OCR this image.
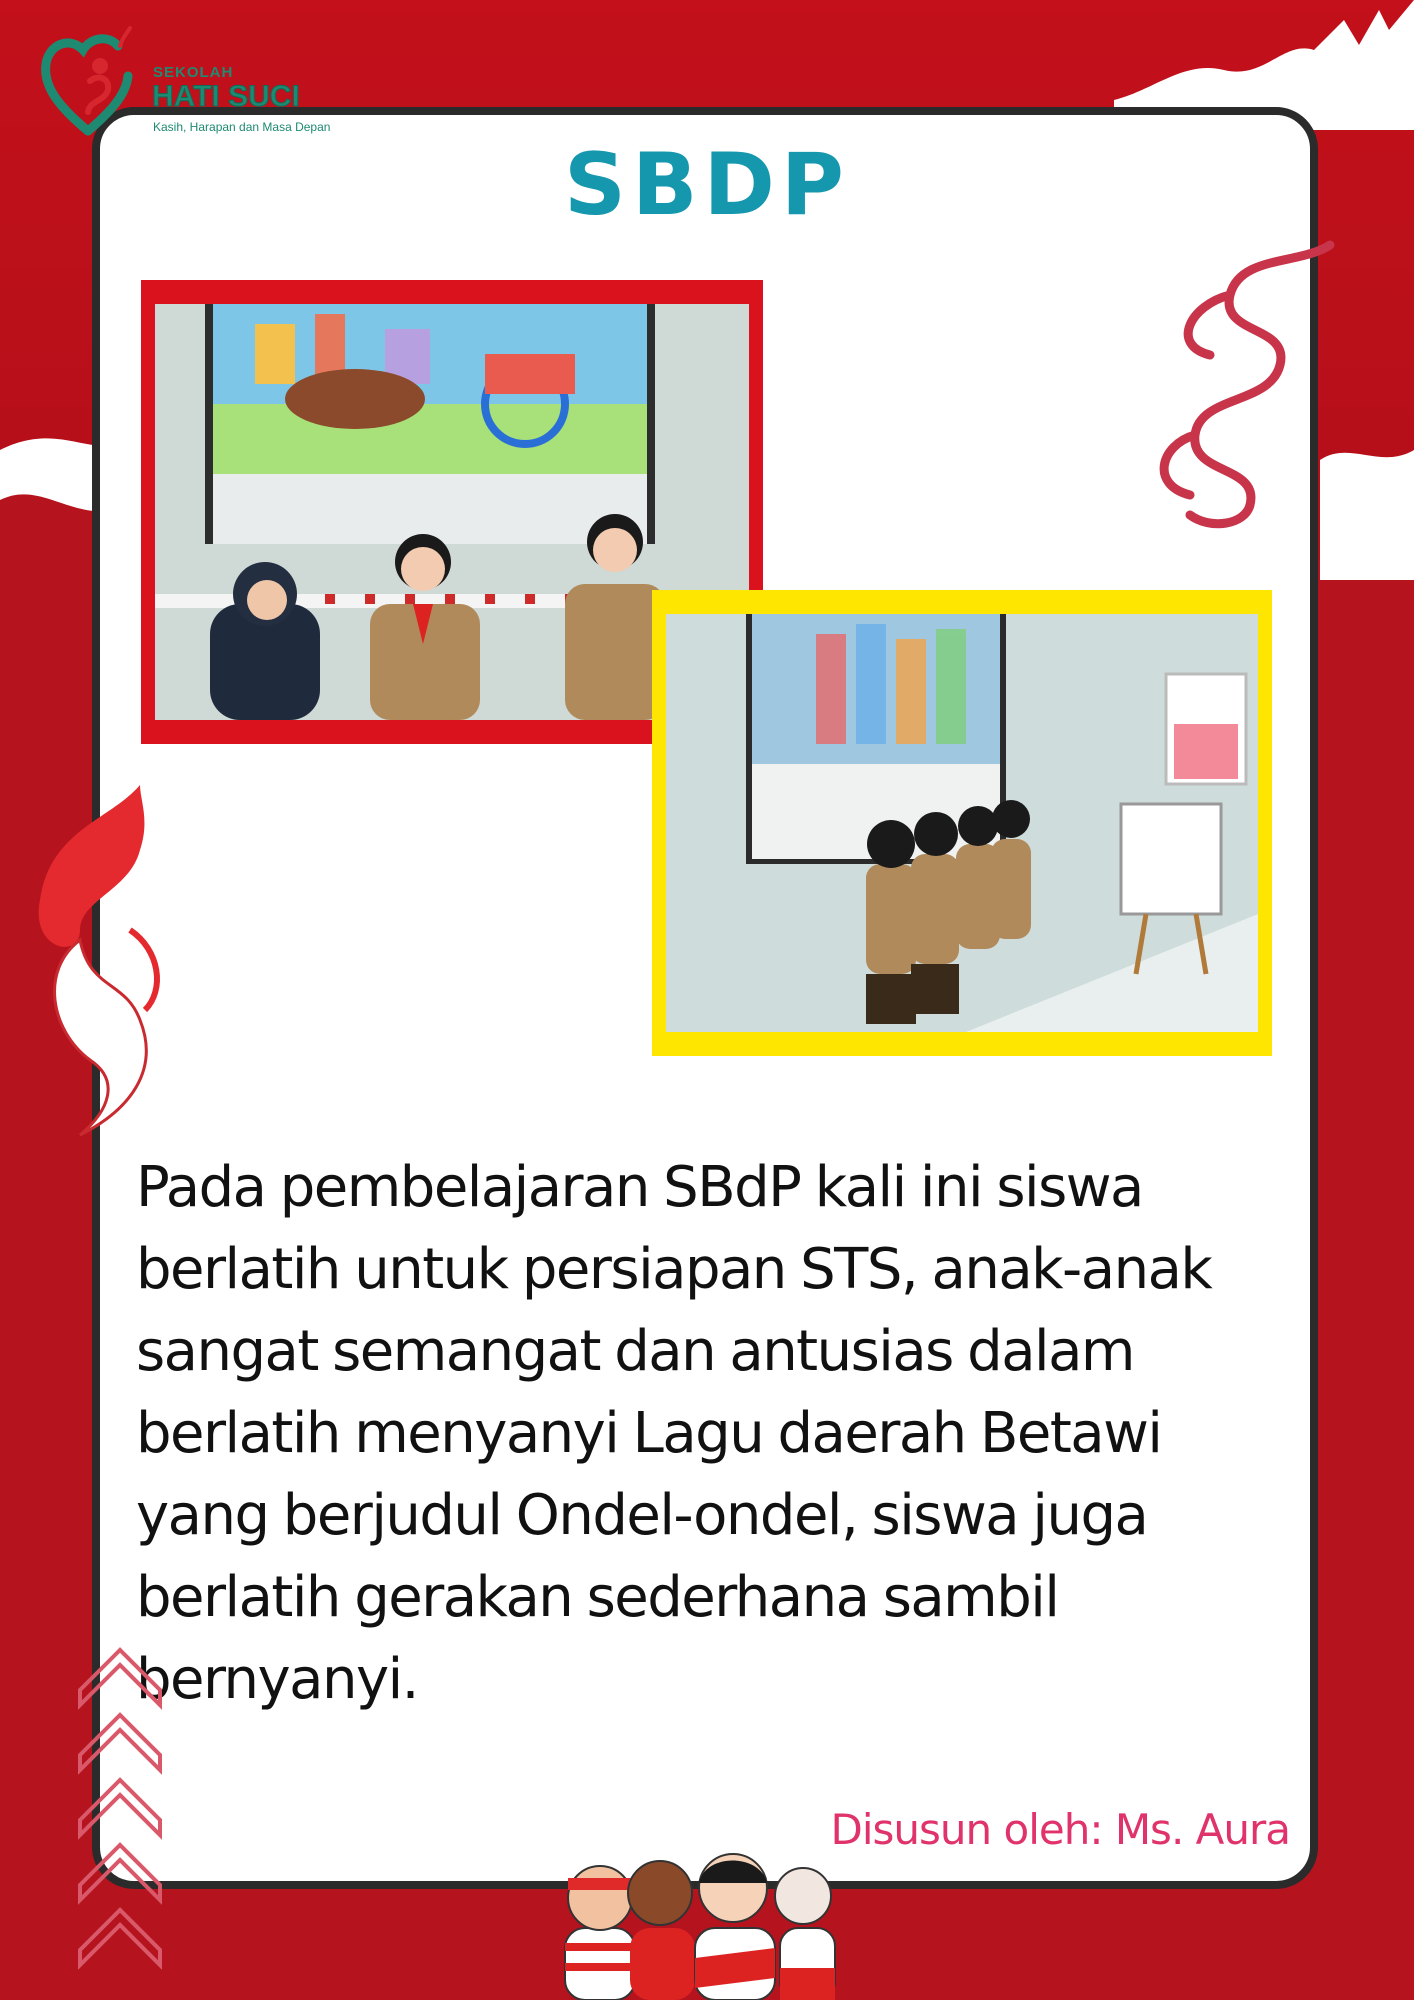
SEKOLAH
HATI SUCI
Kasih, Harapan dan Masa Depan
SBDP
Pada pembelajaran SBdP kali ini siswa berlatih untuk persiapan STS, anak-anak sangat semangat dan antusias dalam berlatih menyanyi Lagu daerah Betawi yang berjudul Ondel-ondel, siswa juga berlatih gerakan sederhana sambil bernyanyi.
Disusun oleh: Ms. Aura
